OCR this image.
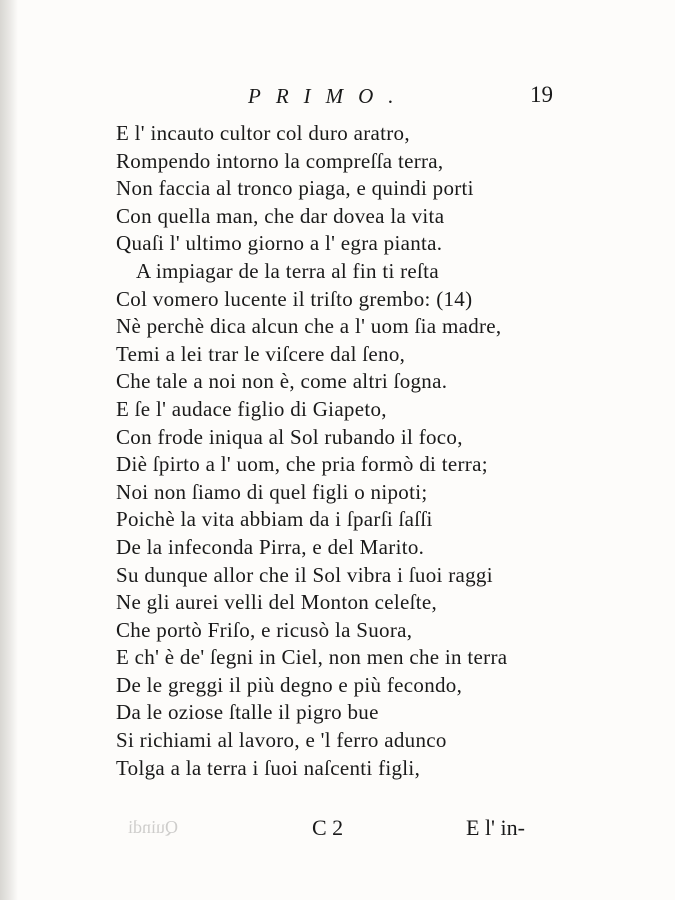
PRIMO.	19
E l' incauto cultor col duro aratro,
Rompendo intorno la compreſſa terra,
Non faccia al tronco piaga, e quindi porti
Con quella man, che dar dovea la vita
Quaſi l' ultimo giorno a l' egra pianta.
A impiagar de la terra al fin ti reſta
Col vomero lucente il triſto grembo: (14)
Nè perchè dica alcun che a l' uom ſia madre,
Temi a lei trar le viſcere dal ſeno,
Che tale a noi non è, come altri ſogna.
E ſe l' audace figlio di Giapeto,
Con frode iniqua al Sol rubando il foco,
Diè ſpirto a l' uom, che pria formò di terra;
Noi non ſiamo di quel figli o nipoti;
Poichè la vita abbiam da i ſparſi ſaſſi
De la infeconda Pirra, e del Marito.
Su dunque allor che il Sol vibra i ſuoi raggi
Ne gli aurei velli del Monton celeſte,
Che portò Friſo, e ricusò la Suora,
E ch' è de' ſegni in Ciel, non men che in terra
De le greggi il più degno e più fecondo,
Da le oziose ſtalle il pigro bue
Si richiami al lavoro, e 'l ferro adunco
Tolga a la terra i ſuoi naſcenti figli,
Quindi	C 2	E l' in-
